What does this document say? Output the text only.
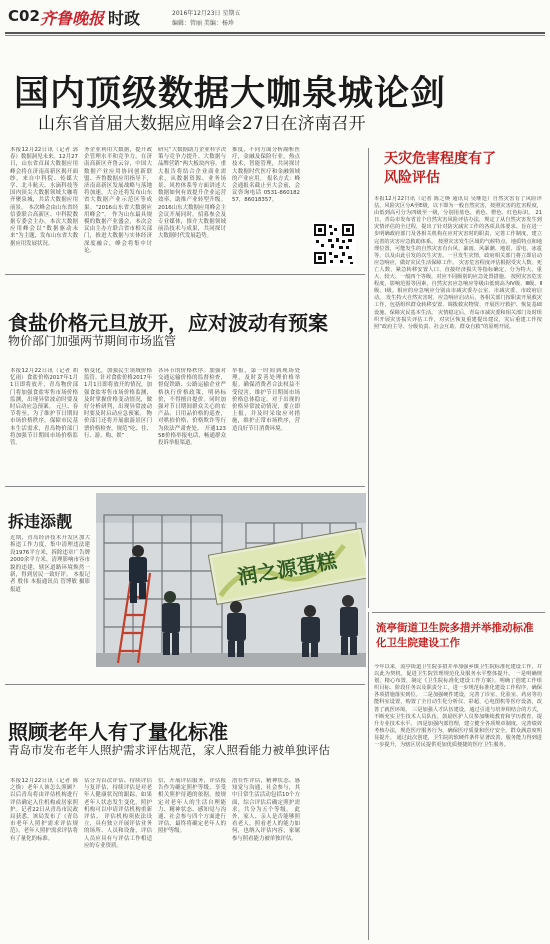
C02 齐鲁晚报 时政	2016年12月23日 星期五
编辑：管丽 美编：杨珍
国内顶级数据大咖泉城论剑
山东省首届大数据应用峰会27日在济南召开
本报12月22日讯（记者 郭春）数据洞见未来。12月27日，山东省首届大数据应用峰会将在济南高新区揭开面纱，来自中科院、传媒大学、北斗航天、水滴科技等国内顶尖大数据领域大咖将齐聚泉城，共话大数据应用前景。 本次峰会由山东省经信委联合高新区、中科院数据专委会主办，本次大数据应用峰会以“数据驱动未来”为主题，发布山东省大数据应用发展状况。
务企业利用大数据，提升政企管理水平和竞争力。在济南高新区齐鲁云谷，中国大数据产业应用协同创新联盟、齐鲁数据应用指导下，济南高新区发展战略与落地将加速，大会还将发布山东省大数据产业示范区等成果。“2016山东省大数据应用峰会”。 作为山东最具规模的数据产业盛会，本次会议由主办方联合省市相关部门，推进大数据与实体经济深度融合，峰会将集中讨论。
研究“大数据助力企业科学决策与竞争力提升、大数据与品牌营销”两大板块内容。重大报告将结合企业商业需求，从数据资源、业务场景、风控体系等方面讲述大数据如何有效提升企业运营效率，助推产业转型升级。 2016山东大数据应用峰会主会议开展同时，招募参会及专业媒体，推介大数据领域前沿技术与成果，共同探讨大数据时代发展趋势。
推度，不同方面分析副析医疗，金融及保险行业，热点技术，智能管理，共同探讨大数据时代医疗和金融领域的产业应用。 报名方式：峰会通报名截止至大会前，会议咨询电话 0531-86018257，86018357。
天灾危害程度有了风险评估
本报12月22日讯（记者 陈之焕 通讯员 吴继廷）自然灾害有了风险评估。风险灾区分A至E级，以下即为一般自然灾害，按照灾害的危害程度，由低到高可分为四级至一级，分别用蓝色、黄色、橙色、红色标识。 21日，青岛市发布省首个自然灾害风险评估办法，规定了从自然灾害发生到灾情评估的全过程，提出了针对防灾减灾工作的各项具体要求。旨在进一步明确政府部门及各相关机构在应对灾害时的职责，完善工作制度，建立完善的灾害应急救助体系。 按照灾害发生区域的气候特点、地质特点和地理位置，可能发生的自然灾害有台风、暴雨、风暴潮、地震、雷电、冰雹等，以及由此引发的次生灾害。一旦发生灾情，政府相关部门将立即启动应急响应，做好灾民生活保障工作。 灾害危害程度评估根据受灾人数、死亡人数、紧急转移安置人口、直接经济损失等指标确定，分为特大、重大、较大、一般四个等级，对应不同级别的应急处置措施。 按照灾害危害程度，影响范围等因素，自然灾害应急响应等级由低到高为Ⅳ级、Ⅲ级、Ⅱ级、Ⅰ级。相应的应急响应分别由市减灾委办公室、市减灾委、市政府启动。 发生特大自然灾害时，应急响应启动后，各相关部门按职责开展救灾工作，包括组织群众转移安置、调拨救灾物资、开展医疗救护、恢复基础设施、保障灾民基本生活。 灾情稳定后，青岛市减灾委和相关部门及时组织开展灾害损失评估工作，对灾区恢复重建提出建议，灾后重建工作按照“政府主导、分级负责、社会互助、群众自救”的原则开展。
食盐价格元旦放开，应对波动有预案
物价部门加强两节期间市场监管
本报12月22日讯（记者 胡忆雨）食盐价格2017年1月1日即将放开，青岛物价部门将加强食盐零售市场价格监测，出现异常波动时要及时启动应急预案。 元旦、春节将至，为了维护节日期间市场价格秩序，保障市民基本生活需求，青岛物价部门将加强节日期间市场价格监管。
格变化，加强民生领域价格监管。针对食盐价格2017年1月1日即将放开的情况，加强食盐零售市场价格监测，及时掌握价格变动情况，做好分析研判，出现异常波动时要及时启动应急预案。 物价部门还将开展旅游景区门票价格检查，规范“吃、住、行、游、购、娱”
各环节的价格秩序。加强对交通运输价格的监督检查，督促铁路、公路运输企业严格执行价格政策，明码标价，不得擅自提价。同时加强对节日期间群众关心的农产品、日用品价格的巡查，对哄抬价格、价格欺诈等行为依法严肃查处。 开通12358价格举报电话，畅通群众投诉举报渠道。
举报，第一时间到现场处理，及时妥善处理价格举报。确保消费者合法权益不受侵害，维护节日期间市场价格总体稳定。对于出现的价格异常波动情况，要立即上报，并及时采取应对措施，维护正常市场秩序，营造良好节日消费环境。
拆违添靓
近期，青岛经济技术开发区加大拆违工作力度，集中清理违法建设1976平方米，拆除违章广告牌2000余平方米，清理影响市容市貌的违建，辖区道路环境焕然一新，得到居民一致好评。 本报记者 殷伟 本报通讯员 管博敏 摄影报道
润之源蛋糕
照顾老年人有了量化标准
青岛市发布老年人照护需求评估规范，家人照看能力被单独评估
本报12月22日讯（记者 陈之焕）老年人该怎么照顾？以后青岛将由评估机构进行评估确定入住机构或居家照护。记者22日从青岛市民政局获悉，该局发布了《青岛市老年人照护需求评估规范》，老年人照护需求评估将有了量化的标准。
估分为首次评估、持续评估与复评估，持续评估是对老年人健康状况的跟踪，如果老年人状态发生变化，照护机构可以申请评估机构重新评估。 评估机构须依法设立，具有独立开展评估业务的场所、人员和设备，评估人员应具有与评估工作相适应的专业资质。
信，开展评估服务，评估报告作为确定照护等级、享受相关照护待遇的依据。按规定对老年人的生活自理能力、精神状态、感知觉与沟通、社会参与四个方面进行评估，最终将确定老年人的照护等级。
潜在性评估，精神状态、感知觉与沟通，社会参与，其中日常生活活动包括10个方面，综合评估后确定照护需求，共分为五个等级。 此外，家人、亲人是否能够照看老人，照看老人的能力如何，也纳入评估内容，家属参与照看能力被单独评估。
流亭街道卫生院多措并举推动标准化卫生院建设工作
今年以来，流亭街道卫生院多措并举加强乡镇卫生院标准化建设工作，并以此为契机，促进卫生院管理规范化及服务水平整体提升。 一是明确规划，精心布置，制定《卫生院标准化建设工作方案》，明确了创建工作组织目标、阶段任务以及职责分工，进一步规范标准化建设工作程序，确保各项措施落实到位。 二是加强硬件建设，完善了诊室、化验室、药房等功能科室设置，购置了全自动生化分析仪、彩超、心电图机等医疗设备，改善了就医环境。 三是加强人才队伍建设，通过引进与培养相结合的方式，不断充实卫生技术人员队伍，鼓励医护人员参加继续教育和学历教育，提升专业技术水平。 四是加强内部管理，建立健全各项规章制度，完善绩效考核办法，规范医疗服务行为，确保医疗质量和医疗安全，群众满意度明显提升。 通过此次创建，卫生院的软硬件条件显著改善，服务能力得到进一步提升，为辖区居民提供更加优质便捷的医疗卫生服务。
